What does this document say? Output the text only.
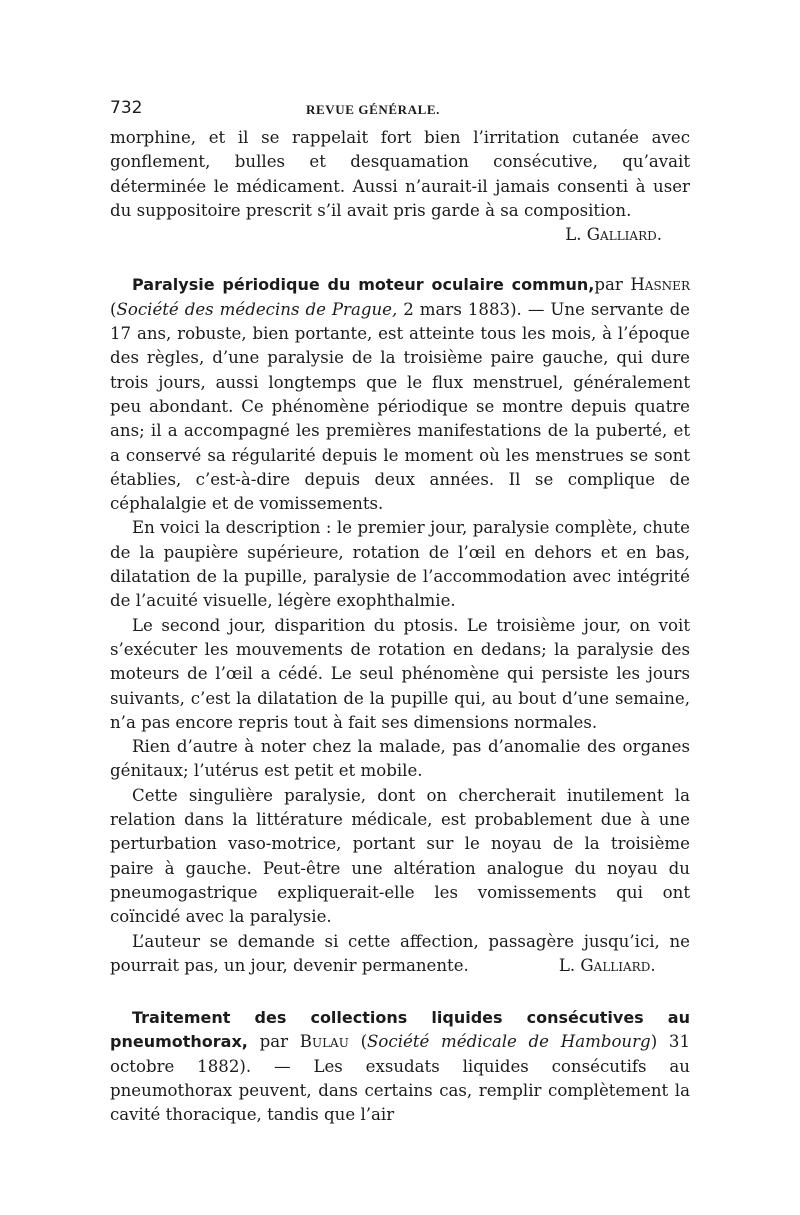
732	REVUE GÉNÉRALE.

morphine, et il se rappelait fort bien l’irritation cutanée avec gonflement, bulles et desquamation consécutive, qu’avait déterminée le médicament. Aussi n’aurait-il jamais consenti à user du suppositoire prescrit s’il avait pris garde à sa composition.

L. Galliard.

Paralysie périodique du moteur oculaire commun,par Hasner (Société des médecins de Prague, 2 mars 1883). — Une servante de 17 ans, robuste, bien portante, est atteinte tous les mois, à l’époque des règles, d’une paralysie de la troisième paire gauche, qui dure trois jours, aussi longtemps que le flux menstruel, généralement peu abondant. Ce phénomène périodique se montre depuis quatre ans; il a accompagné les premières manifestations de la puberté, et a conservé sa régularité depuis le moment où les menstrues se sont établies, c’est-à-dire depuis deux années. Il se complique de céphalalgie et de vomissements.

En voici la description : le premier jour, paralysie complète, chute de la paupière supérieure, rotation de l’œil en dehors et en bas, dilatation de la pupille, paralysie de l’accommodation avec intégrité de l’acuité visuelle, légère exophthalmie.

Le second jour, disparition du ptosis. Le troisième jour, on voit s’exécuter les mouvements de rotation en dedans; la paralysie des moteurs de l’œil a cédé. Le seul phénomène qui persiste les jours suivants, c’est la dilatation de la pupille qui, au bout d’une semaine, n’a pas encore repris tout à fait ses dimensions normales.

Rien d’autre à noter chez la malade, pas d’anomalie des organes génitaux; l’utérus est petit et mobile.

Cette singulière paralysie, dont on chercherait inutilement la relation dans la littérature médicale, est probablement due à une perturbation vaso-motrice, portant sur le noyau de la troisième paire à gauche. Peut-être une altération analogue du noyau du pneumogastrique expliquerait-elle les vomissements qui ont coïncidé avec la paralysie.

L’auteur se demande si cette affection, passagère jusqu’ici, ne pourrait pas, un jour, devenir permanente.	L. Galliard.

Traitement des collections liquides consécutives au pneumothorax, par Bulau (Société médicale de Hambourg) 31 octobre 1882). — Les exsudats liquides consécutifs au pneumothorax peuvent, dans certains cas, remplir complètement la cavité thoracique, tandis que l’air
